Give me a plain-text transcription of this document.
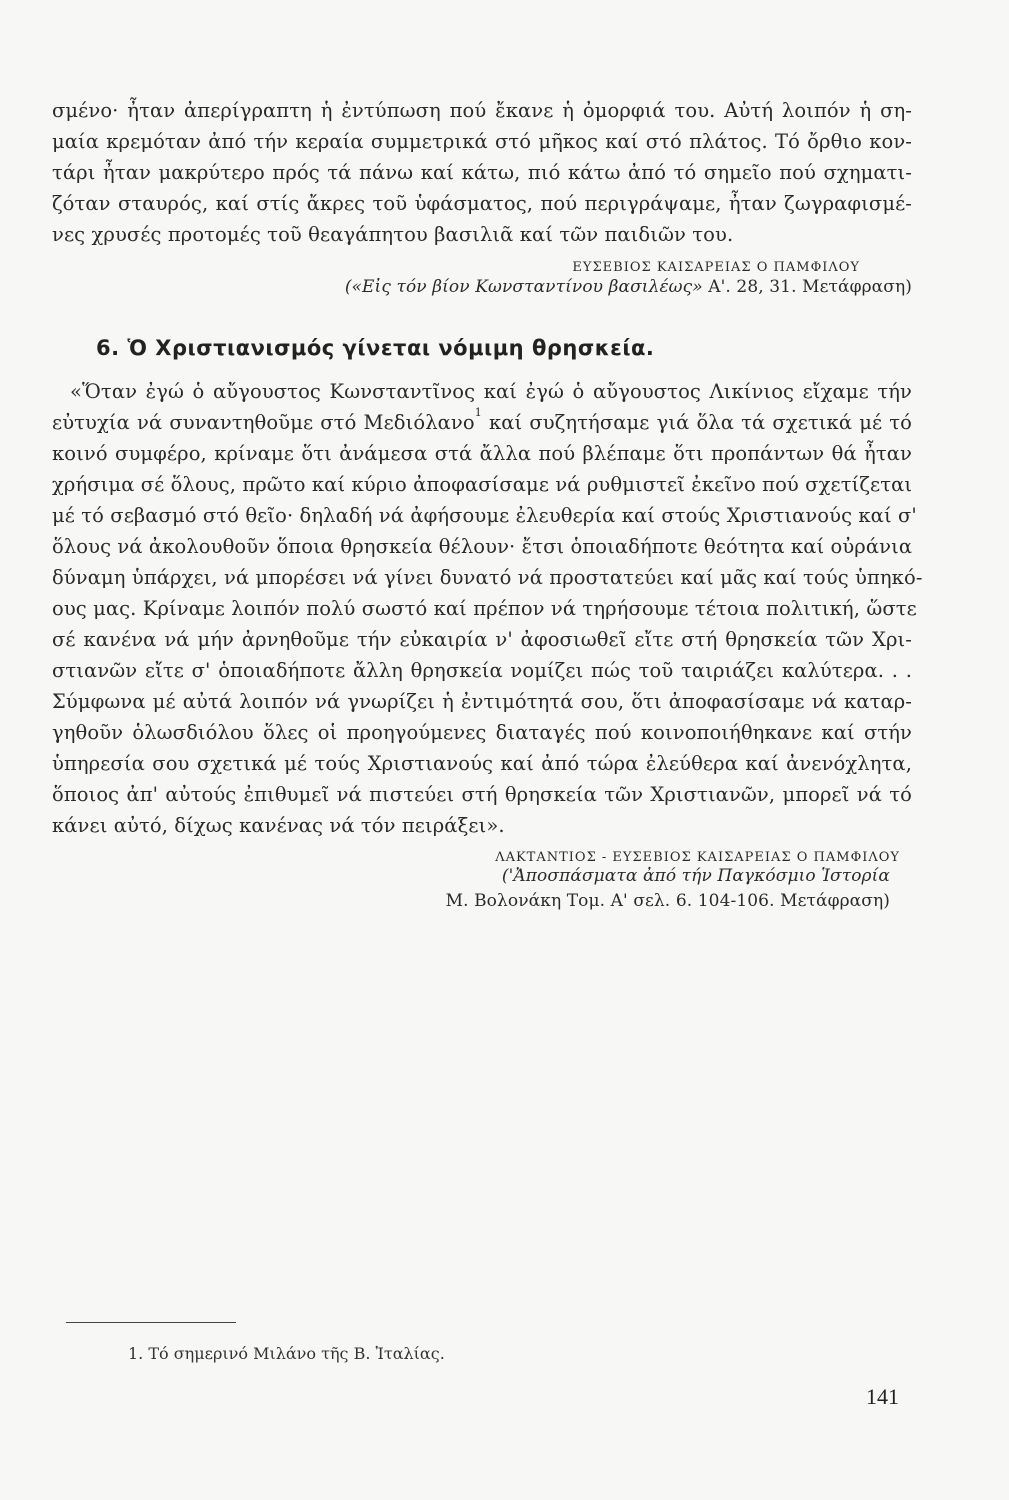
σμένο· ἦταν ἀπερίγραπτη ἡ ἐντύπωση πού ἔκανε ἡ ὀμορφιά του. Αὐτή λοιπόν ἡ ση-
μαία κρεμόταν ἀπό τήν κεραία συμμετρικά στό μῆκος καί στό πλάτος. Τό ὄρθιο κον-
τάρι ἦταν μακρύτερο πρός τά πάνω καί κάτω, πιό κάτω ἀπό τό σημεῖο πού σχηματι-
ζόταν σταυρός, καί στίς ἄκρες τοῦ ὑφάσματος, πού περιγράψαμε, ἦταν ζωγραφισμέ-
νες χρυσές προτομές τοῦ θεαγάπητου βασιλιᾶ καί τῶν παιδιῶν του.
ΕΥΣΕΒΙΟΣ ΚΑΙΣΑΡΕΙΑΣ Ο ΠΑΜΦΙΛΟΥ
(«Εἰς τόν βίον Κωνσταντίνου βασιλέως» Α'. 28, 31. Μετάφραση)
6. Ὁ Χριστιανισμός γίνεται νόμιμη θρησκεία.
«Ὅταν ἐγώ ὁ αὔγουστος Κωνσταντῖνος καί ἐγώ ὁ αὔγουστος Λικίνιος εἴχαμε τήν
εὐτυχία νά συναντηθοῦμε στό Μεδιόλανο$^1$ καί συζητήσαμε γιά ὅλα τά σχετικά μέ τό
κοινό συμφέρο, κρίναμε ὅτι ἀνάμεσα στά ἄλλα πού βλέπαμε ὅτι προπάντων θά ἦταν
χρήσιμα σέ ὅλους, πρῶτο καί κύριο ἀποφασίσαμε νά ρυθμιστεῖ ἐκεῖνο πού σχετίζεται
μέ τό σεβασμό στό θεῖο· δηλαδή νά ἀφήσουμε ἐλευθερία καί στούς Χριστιανούς καί σ'
ὅλους νά ἀκολουθοῦν ὅποια θρησκεία θέλουν· ἔτσι ὁποιαδήποτε θεότητα καί οὐράνια
δύναμη ὑπάρχει, νά μπορέσει νά γίνει δυνατό νά προστατεύει καί μᾶς καί τούς ὑπηκό-
ους μας. Κρίναμε λοιπόν πολύ σωστό καί πρέπον νά τηρήσουμε τέτοια πολιτική, ὥστε
σέ κανένα νά μήν ἀρνηθοῦμε τήν εὐκαιρία ν' ἀφοσιωθεῖ εἴτε στή θρησκεία τῶν Χρι-
στιανῶν εἴτε σ' ὁποιαδήποτε ἄλλη θρησκεία νομίζει πώς τοῦ ταιριάζει καλύτερα. . .
Σύμφωνα μέ αὐτά λοιπόν νά γνωρίζει ἡ ἐντιμότητά σου, ὅτι ἀποφασίσαμε νά καταρ-
γηθοῦν ὁλωσδιόλου ὅλες οἱ προηγούμενες διαταγές πού κοινοποιήθηκανε καί στήν
ὑπηρεσία σου σχετικά μέ τούς Χριστιανούς καί ἀπό τώρα ἐλεύθερα καί ἀνενόχλητα,
ὅποιος ἀπ' αὐτούς ἐπιθυμεῖ νά πιστεύει στή θρησκεία τῶν Χριστιανῶν, μπορεῖ νά τό
κάνει αὐτό, δίχως κανένας νά τόν πειράξει».
ΛΑΚΤΑΝΤΙΟΣ - ΕΥΣΕΒΙΟΣ ΚΑΙΣΑΡΕΙΑΣ Ο ΠΑΜΦΙΛΟΥ
('Ἀποσπάσματα ἀπό τήν Παγκόσμιο Ἱστορία
Μ. Βολονάκη Τομ. Α' σελ. 6. 104-106. Μετάφραση)
1. Τό σημερινό Μιλάνο τῆς Β. Ἰταλίας.
141
